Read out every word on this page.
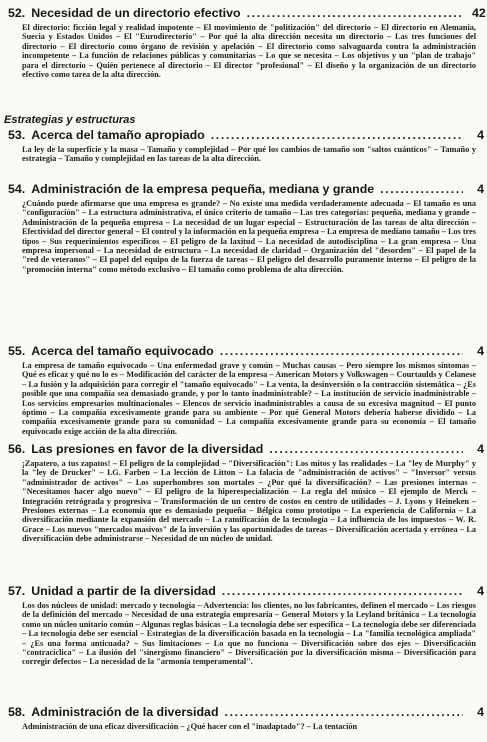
52. Necesidad de un directorio efectivo .....	42
El directorio: ficción legal y realidad impotente – El movimiento de "politización" del directorio – El directorio en Alemania, Suecia y Estados Unidos – El "Eurodirectorio" – Por qué la alta dirección necesita un directorio – Las tres funciones del directorio – El directorio como órgano de revisión y apelación – El directorio como salvaguarda contra la administración incompetente – La función de relaciones públicas y comunitarias – Lo que se necesita – Los objetivos y un "plan de trabajo" para el directorio – Quién pertenece al directorio – El director "profesional" – El diseño y la organización de un directorio efectivo como tarea de la alta dirección.
Estrategias y estructuras
53. Acerca del tamaño apropiado .....	4
La ley de la superficie y la masa – Tamaño y complejidad – Por qué los cambios de tamaño son "saltos cuánticos" – Tamaño y estrategia – Tamaño y complejidad en las tareas de la alta dirección.
54. Administración de la empresa pequeña, mediana y grande .....	4
¿Cuándo puede afirmarse que una empresa es grande? – No existe una medida verdaderamente adecuada – El tamaño es una "configuración" – La estructura administrativa, el único criterio de tamaño – Las tres categorías: pequeña, mediana y grande – Administración de la pequeña empresa – La necesidad de un lugar especial – Estructuración de las tareas de alta dirección – Efectividad del director general – El control y la información en la pequeña empresa – La empresa de mediano tamaño – Los tres tipos – Sus requerimientos específicos – El peligro de la laxitud – La necesidad de autodisciplina – La gran empresa – Una empresa impersonal – La necesidad de estructura – La necesidad de claridad – Organización del "desorden" – El papel de la "red de veteranos" – El papel del equipo de la fuerza de tareas – El peligro del desarrollo puramente interno – El peligro de la "promoción interna" como método exclusivo – El tamaño como problema de alta dirección.
55. Acerca del tamaño equivocado .....	4
La empresa de tamaño equivocado – Una enfermedad grave y común – Muchas causas – Pero siempre los mismos síntomas – Qué es eficaz y qué no lo es – Modificación del carácter de la empresa – American Motors y Volkswagen – Courtaulds y Celanese – La fusión y la adquisición para corregir el "tamaño equivocado" – La venta, la desinversión o la contracción sistemática – ¿Es posible que una compañía sea demasiado grande, y por lo tanto inadministrable? – La institución de servicio inadministrable – Los servicios empresarios multinacionales – Elencos de servicio inadministrables a causa de su excesiva magnitud – El punto óptimo – La compañía excesivamente grande para su ambiente – Por qué General Motors debería haberse dividido – La compañía excesivamente grande para su comunidad – La compañía excesivamente grande para su economía – El tamaño equivocado exige acción de la alta dirección.
56. Las presiones en favor de la diversidad .....	4
¡Zapatero, a tus zapatos! – El peligro de la complejidad – "Diversificación": Los mitos y las realidades – La "ley de Murphy" y la "ley de Drucker" – I.G. Farben – La lección de Litton – La falacia de "administración de activos" – "Inversor" versus "administrador de activos" – Los superhombres son mortales – ¿Por qué la diversificación? – Las presiones internas – "Necesitamos hacer algo nuevo" – El peligro de la hiperespecialización – La regla del músico – El ejemplo de Merck – Integración retrógrada y progresiva – Transformación de un centro de costos en centro de utilidades – J. Lyons y Heineken – Presiones externas – La economía que es demasiado pequeña – Bélgica como prototipo – La experiencia de California – La diversificación mediante la expansión del mercado – La ramificación de la tecnología – La influencia de los impuestos – W. R. Grace – Los nuevos "mercados masivos" de la inversión y las oportunidades de tareas – Diversificación acertada y errónea – La diversificación debe administrarse – Necesidad de un núcleo de unidad.
57. Unidad a partir de la diversidad .....	4
Los dos núcleos de unidad: mercado y tecnología – Advertencia: los clientes, no los fabricantes, definen el mercado – Los riesgos de la definición del mercado – Necesidad de una estrategia empresaria – General Motors y la Leyland británica – La tecnología como un núcleo unitario común – Algunas reglas básicas – La tecnología debe ser específica – La tecnología debe ser diferenciada – La tecnología debe ser esencial – Estrategias de la diversificación basada en la tecnología – La "familia tecnológica ampliada" – ¿Es una forma anticuada? – Sus limitaciones – Lo que no funciona – Diversificación sobre dos ejes – Diversificación "contracíclica" – La ilusión del "sinergismo financiero" – Diversificación por la diversificación misma – Diversificación para corregir defectos – La necesidad de la "armonía temperamental".
58. Administración de la diversidad .....	4
Administración de una eficaz diversificación – ¿Qué hacer con el "inadaptado"? – La tentación
